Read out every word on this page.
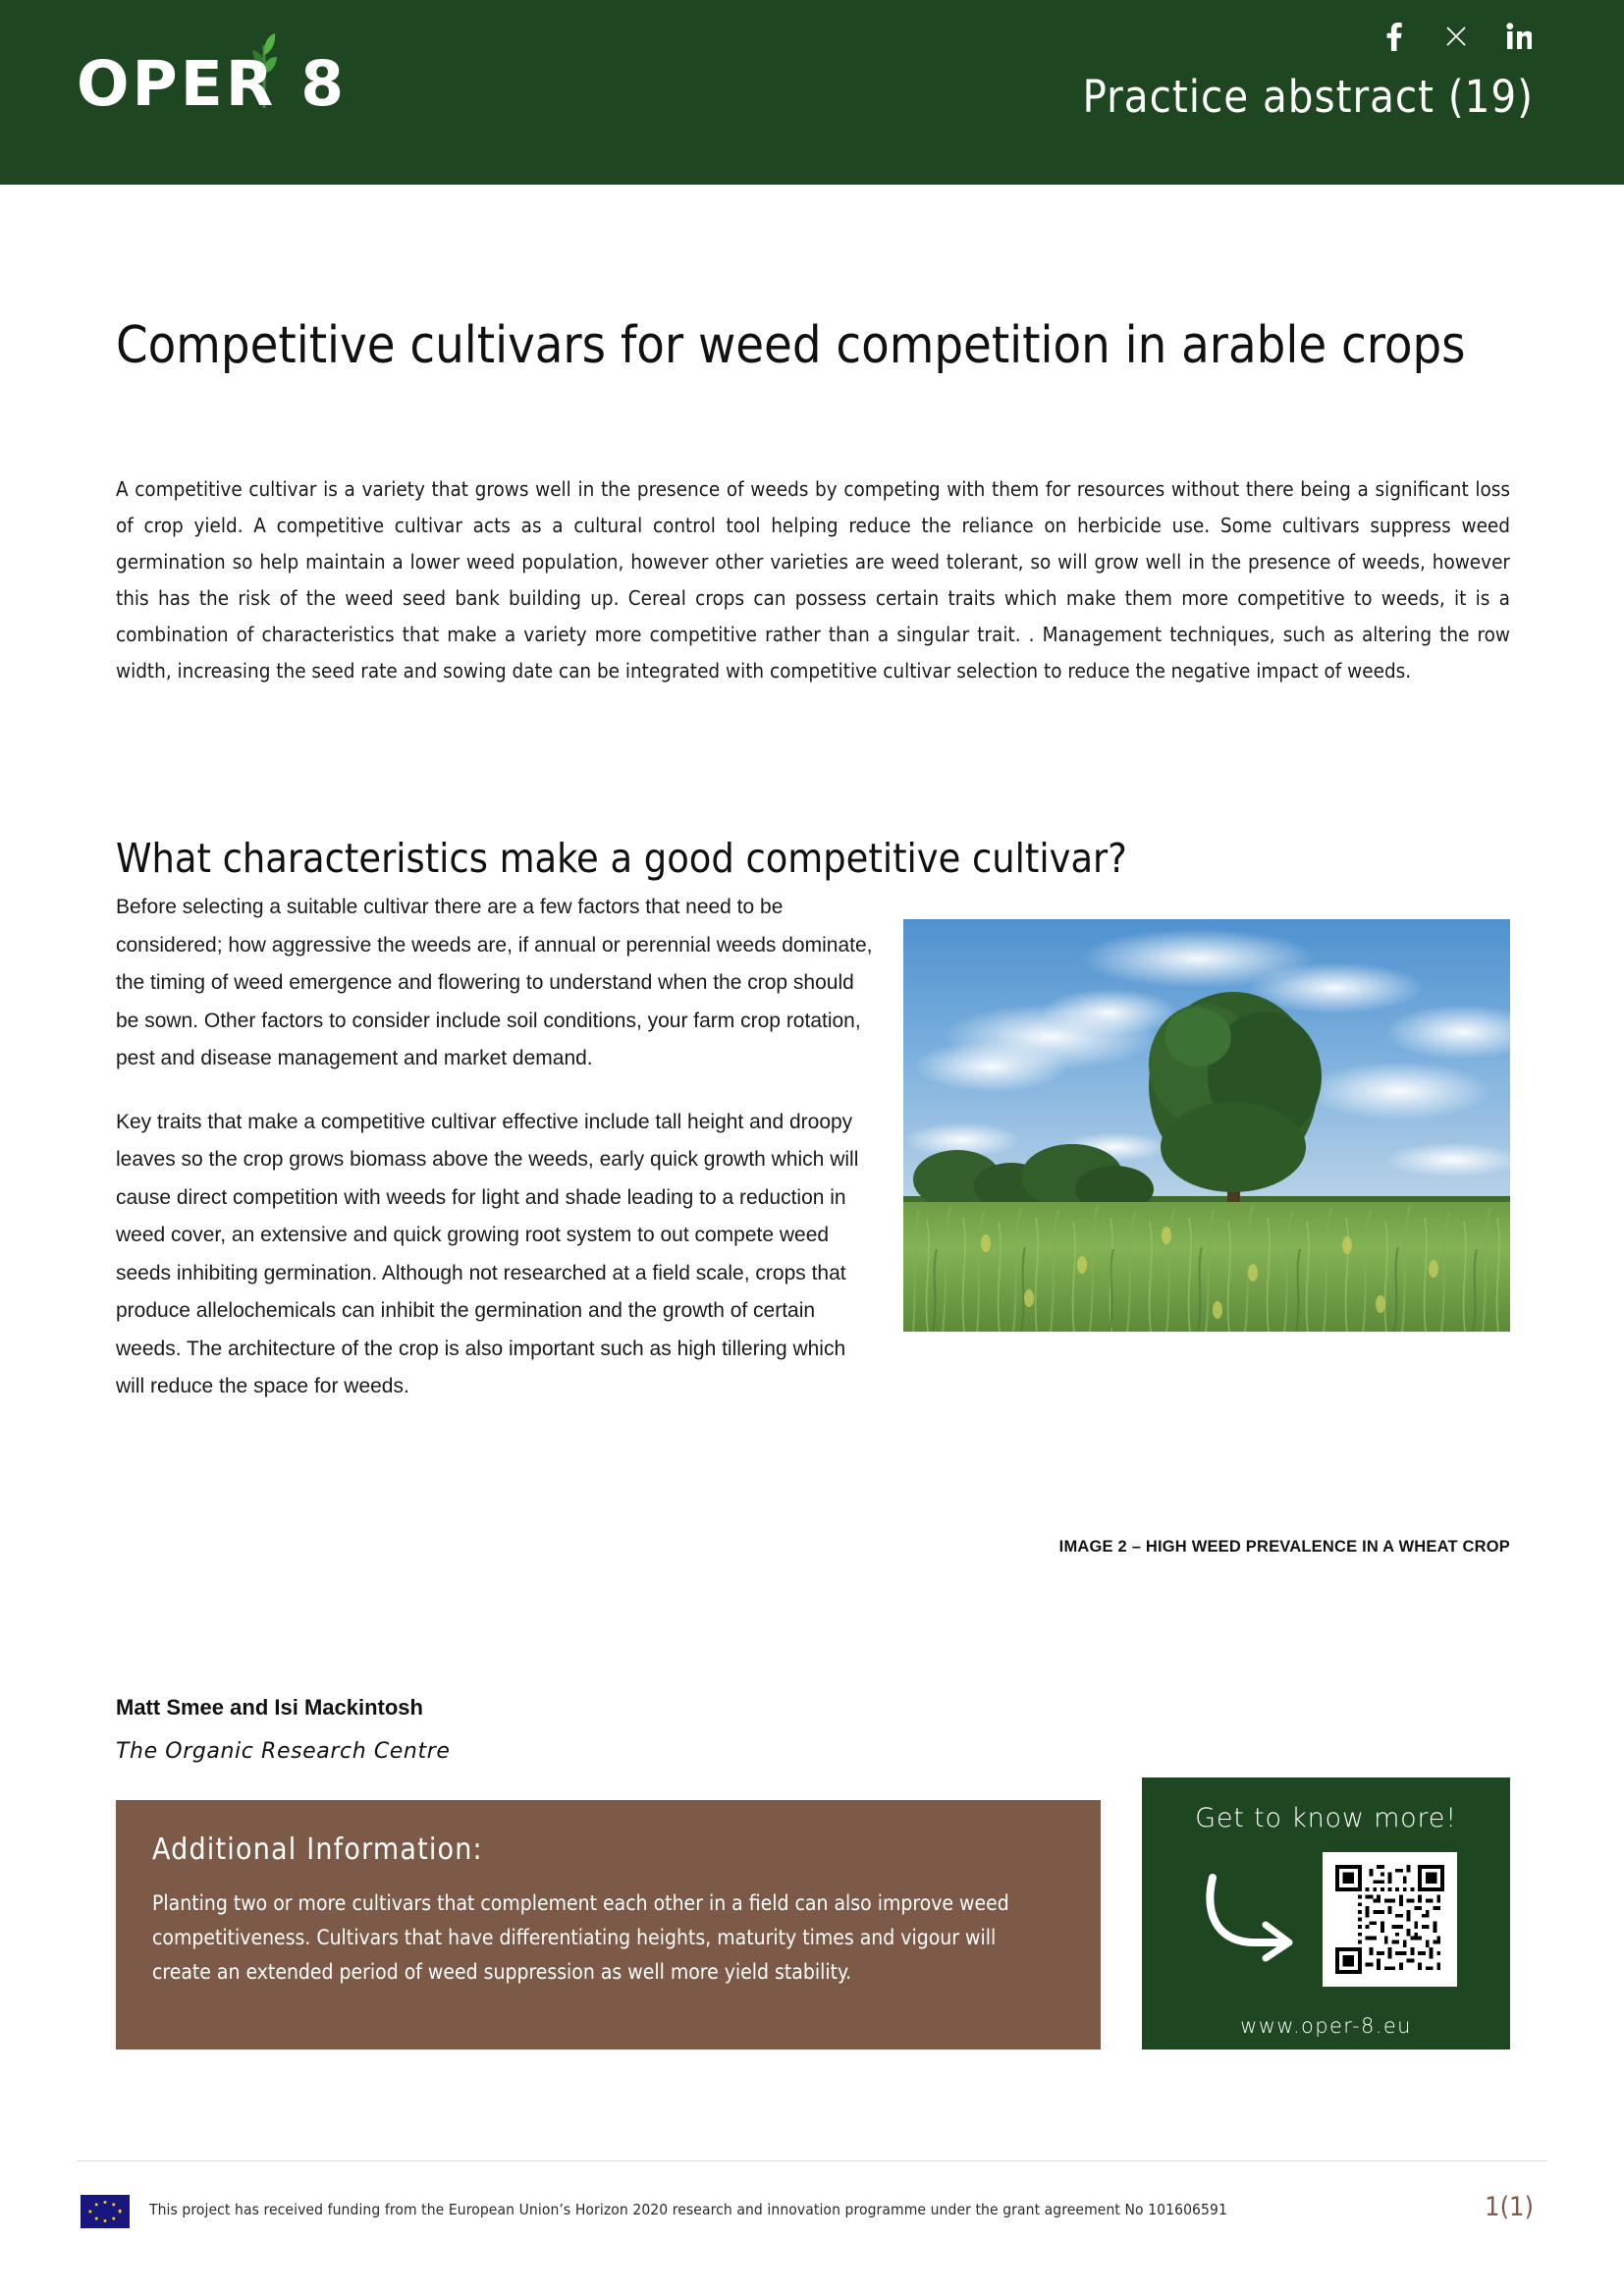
OPER 8	Practice abstract (19)
Competitive cultivars for weed competition in arable crops
A competitive cultivar is a variety that grows well in the presence of weeds by competing with them for resources without there being a significant loss of crop yield. A competitive cultivar acts as a cultural control tool helping reduce the reliance on herbicide use. Some cultivars suppress weed germination so help maintain a lower weed population, however other varieties are weed tolerant, so will grow well in the presence of weeds, however this has the risk of the weed seed bank building up. Cereal crops can possess certain traits which make them more competitive to weeds, it is a combination of characteristics that make a variety more competitive rather than a singular trait. . Management techniques, such as altering the row width, increasing the seed rate and sowing date can be integrated with competitive cultivar selection to reduce the negative impact of weeds.
What characteristics make a good competitive cultivar?

Before selecting a suitable cultivar there are a few factors that need to be considered; how aggressive the weeds are, if annual or perennial weeds dominate, the timing of weed emergence and flowering to understand when the crop should be sown. Other factors to consider include soil conditions, your farm crop rotation, pest and disease management and market demand.

Key traits that make a competitive cultivar effective include tall height and droopy leaves so the crop grows biomass above the weeds, early quick growth which will cause direct competition with weeds for light and shade leading to a reduction in weed cover, an extensive and quick growing root system to out compete weed seeds inhibiting germination. Although not researched at a field scale, crops that produce allelochemicals can inhibit the germination and the growth of certain weeds. The architecture of the crop is also important such as high tillering which will reduce the space for weeds.

IMAGE 2 – HIGH WEED PREVALENCE IN A WHEAT CROP
Matt Smee and Isi Mackintosh
The Organic Research Centre
Additional Information:
Planting two or more cultivars that complement each other in a field can also improve weed competitiveness. Cultivars that have differentiating heights, maturity times and vigour will create an extended period of weed suppression as well more yield stability.
Get to know more!
www.oper-8.eu
This project has received funding from the European Union’s Horizon 2020 research and innovation programme under the grant agreement No 101606591	1(1)
